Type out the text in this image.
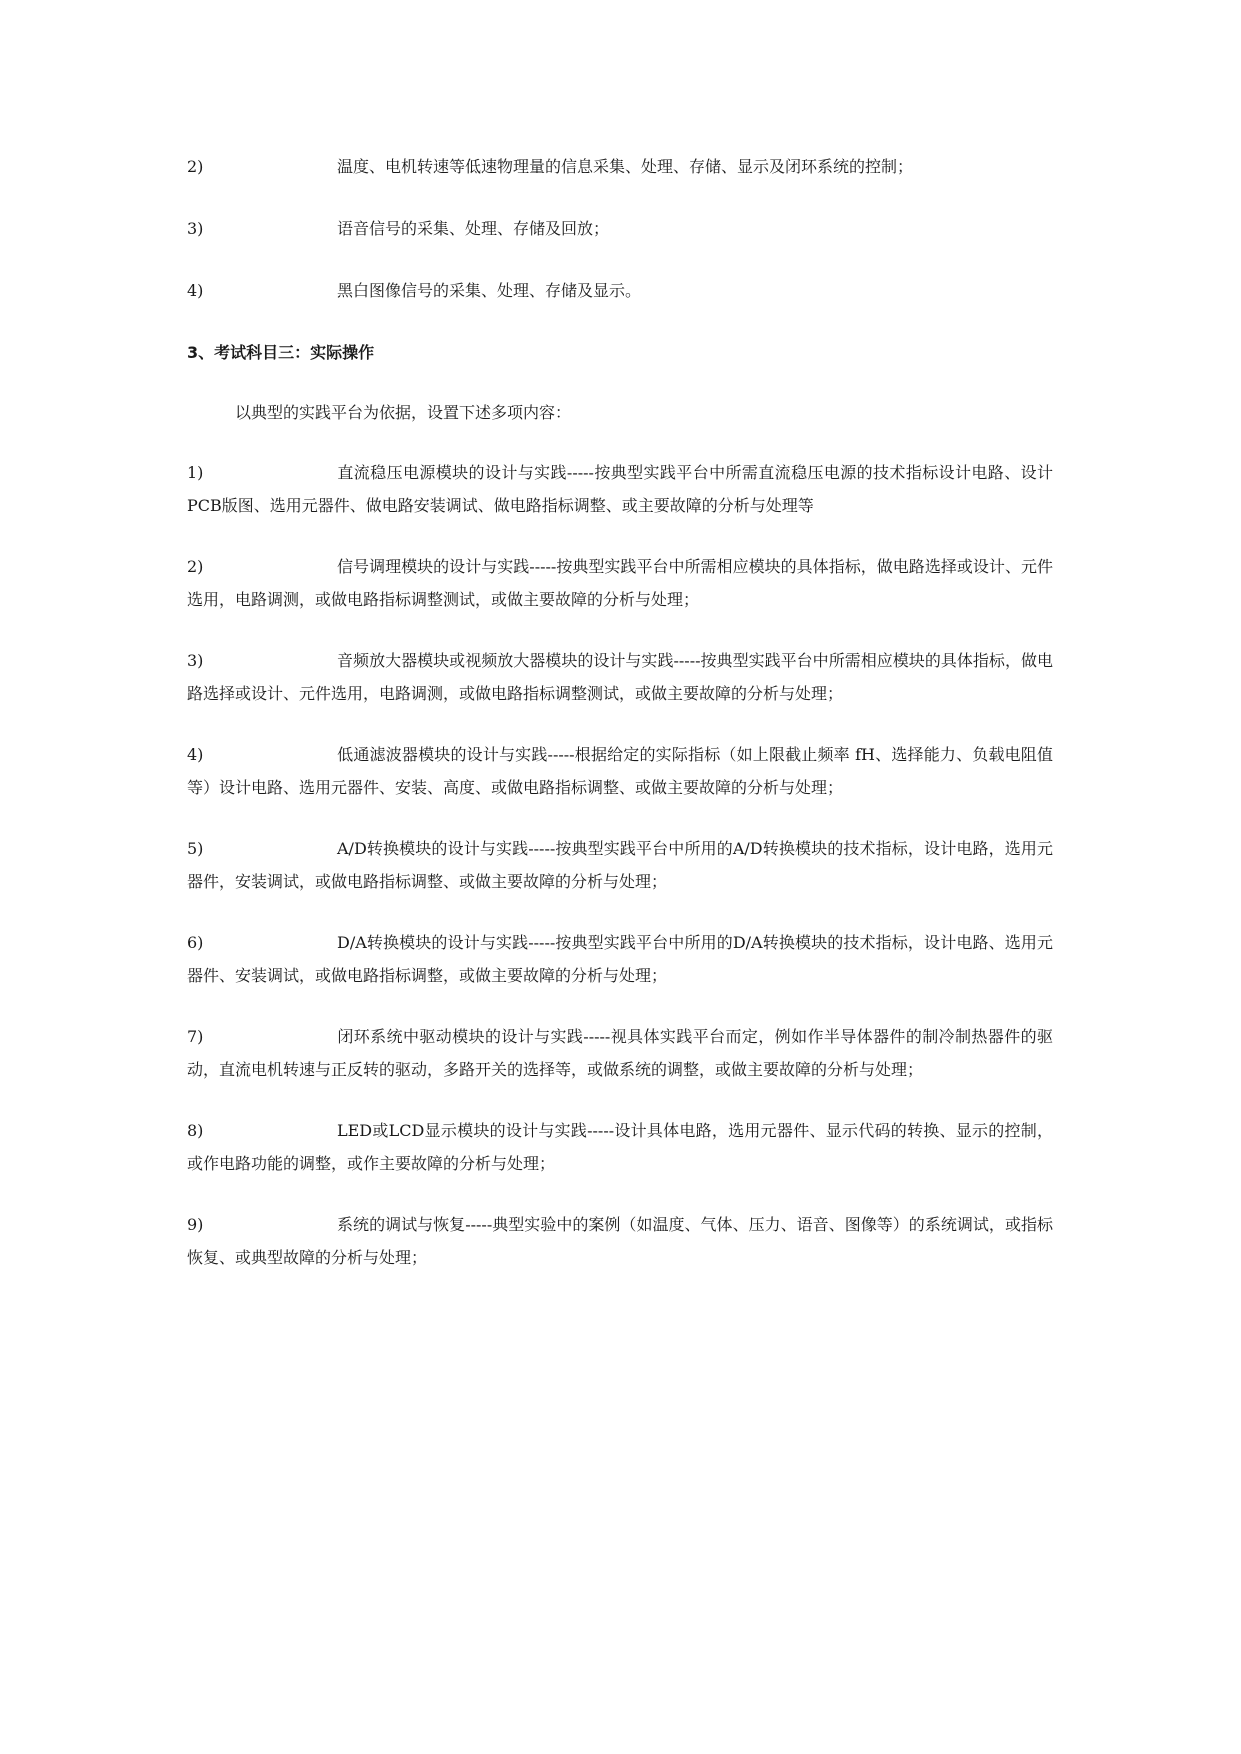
2)	温度、电机转速等低速物理量的信息采集、处理、存储、显示及闭环系统的控制；

3)	语音信号的采集、处理、存储及回放；

4)	黑白图像信号的采集、处理、存储及显示。

3、考试科目三：实际操作

以典型的实践平台为依据，设置下述多项内容：

1)	直流稳压电源模块的设计与实践-----按典型实践平台中所需直流稳压电源的技术指标设计电路、设计PCB版图、选用元器件、做电路安装调试、做电路指标调整、或主要故障的分析与处理等

2)	信号调理模块的设计与实践-----按典型实践平台中所需相应模块的具体指标，做电路选择或设计、元件选用，电路调测，或做电路指标调整测试，或做主要故障的分析与处理；

3)	音频放大器模块或视频放大器模块的设计与实践-----按典型实践平台中所需相应模块的具体指标，做电路选择或设计、元件选用，电路调测，或做电路指标调整测试，或做主要故障的分析与处理；

4)	低通滤波器模块的设计与实践-----根据给定的实际指标（如上限截止频率 fH、选择能力、负载电阻值等）设计电路、选用元器件、安装、高度、或做电路指标调整、或做主要故障的分析与处理；

5)	A/D转换模块的设计与实践-----按典型实践平台中所用的A/D转换模块的技术指标，设计电路，选用元器件，安装调试，或做电路指标调整、或做主要故障的分析与处理；

6)	D/A转换模块的设计与实践-----按典型实践平台中所用的D/A转换模块的技术指标，设计电路、选用元器件、安装调试，或做电路指标调整，或做主要故障的分析与处理；

7)	闭环系统中驱动模块的设计与实践-----视具体实践平台而定，例如作半导体器件的制冷制热器件的驱动，直流电机转速与正反转的驱动，多路开关的选择等，或做系统的调整，或做主要故障的分析与处理；

8)	LED或LCD显示模块的设计与实践-----设计具体电路，选用元器件、显示代码的转换、显示的控制，或作电路功能的调整，或作主要故障的分析与处理；

9)	系统的调试与恢复-----典型实验中的案例（如温度、气体、压力、语音、图像等）的系统调试，或指标恢复、或典型故障的分析与处理；
